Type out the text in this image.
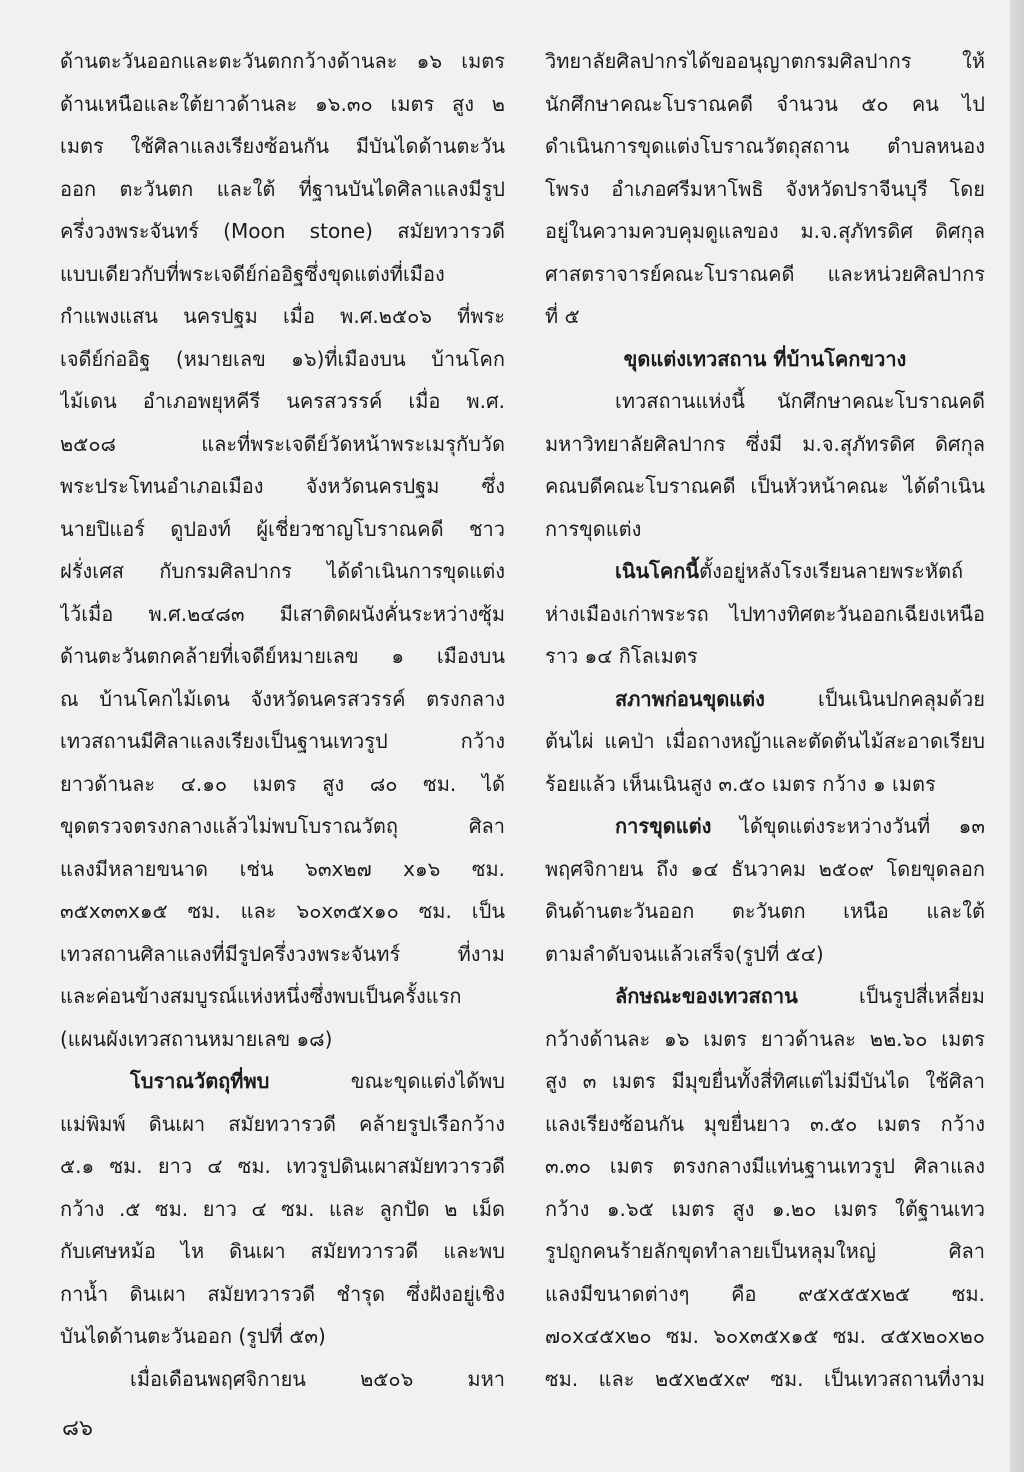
ด้านตะวันออกและตะวันตกกว้างด้านละ ๑๖ เมตร
ด้านเหนือและใต้ยาวด้านละ ๑๖.๓๐ เมตร สูง ๒
เมตร ใช้ศิลาแลงเรียงซ้อนกัน มีบันไดด้านตะวัน
ออก ตะวันตก และใต้ ที่ฐานบันไดศิลาแลงมีรูป
ครึ่งวงพระจันทร์ (Moon stone) สมัยทวารวดี
แบบเดียวกับที่พระเจดีย์ก่ออิฐซึ่งขุดแต่งที่เมือง
กำแพงแสน นครปฐม เมื่อ พ.ศ.๒๕๐๖ ที่พระ
เจดีย์ก่ออิฐ (หมายเลข ๑๖)ที่เมืองบน บ้านโคก
ไม้เดน อำเภอพยุหคีรี นครสวรรค์ เมื่อ พ.ศ.
๒๕๐๘ และที่พระเจดีย์วัดหน้าพระเมรุกับวัด
พระประโทนอำเภอเมือง จังหวัดนครปฐม ซึ่ง
นายปิแอร์ ดูปองท์ ผู้เชี่ยวชาญโบราณคดี ชาว
ฝรั่งเศส กับกรมศิลปากร ได้ดำเนินการขุดแต่ง
ไว้เมื่อ พ.ศ.๒๔๘๓ มีเสาติดผนังคั่นระหว่างซุ้ม
ด้านตะวันตกคล้ายที่เจดีย์หมายเลข ๑ เมืองบน
ณ บ้านโคกไม้เดน จังหวัดนครสวรรค์ ตรงกลาง
เทวสถานมีศิลาแลงเรียงเป็นฐานเทวรูป กว้าง
ยาวด้านละ ๔.๑๐ เมตร สูง ๘๐ ซม. ได้
ขุดตรวจตรงกลางแล้วไม่พบโบราณวัตถุ ศิลา
แลงมีหลายขนาด เช่น ๖๓x๒๗ x๑๖ ซม.
๓๕x๓๓x๑๕ ซม. และ ๖๐x๓๕x๑๐ ซม. เป็น
เทวสถานศิลาแลงที่มีรูปครึ่งวงพระจันทร์ ที่งาม
และค่อนข้างสมบูรณ์แห่งหนึ่งซึ่งพบเป็นครั้งแรก
(แผนผังเทวสถานหมายเลข ๑๘)
โบราณวัตถุที่พบ	ขณะขุดแต่งได้พบ
แม่พิมพ์ ดินเผา สมัยทวารวดี คล้ายรูปเรือกว้าง
๕.๑ ซม. ยาว ๔ ซม. เทวรูปดินเผาสมัยทวารวดี
กว้าง .๕ ซม. ยาว ๔ ซม. และ ลูกปัด ๒ เม็ด
กับเศษหม้อ ไห ดินเผา สมัยทวารวดี และพบ
กาน้ำ ดินเผา สมัยทวารวดี ชำรุด ซึ่งฝังอยู่เชิง
บันไดด้านตะวันออก (รูปที่ ๕๓)
เมื่อเดือนพฤศจิกายน ๒๕๐๖ มหา
วิทยาลัยศิลปากรได้ขออนุญาตกรมศิลปากร ให้
นักศึกษาคณะโบราณคดี จำนวน ๕๐ คน ไป
ดำเนินการขุดแต่งโบราณวัตถุสถาน ตำบลหนอง
โพรง อำเภอศรีมหาโพธิ จังหวัดปราจีนบุรี โดย
อยู่ในความควบคุมดูแลของ ม.จ.สุภัทรดิศ ดิศกุล
ศาสตราจารย์คณะโบราณคดี และหน่วยศิลปากร
ที่ ๕
ขุดแต่งเทวสถาน ที่บ้านโคกขวาง
เทวสถานแห่งนี้ นักศึกษาคณะโบราณคดี
มหาวิทยาลัยศิลปากร ซึ่งมี ม.จ.สุภัทรดิศ ดิศกุล
คณบดีคณะโบราณคดี เป็นหัวหน้าคณะ ได้ดำเนิน
การขุดแต่ง
เนินโคกนี้ตั้งอยู่หลังโรงเรียนลายพระหัตถ์
ห่างเมืองเก่าพระรถ ไปทางทิศตะวันออกเฉียงเหนือ
ราว ๑๔ กิโลเมตร
สภาพก่อนขุดแต่ง	เป็นเนินปกคลุมด้วย
ต้นไผ่ แคป่า เมื่อถางหญ้าและตัดต้นไม้สะอาดเรียบ
ร้อยแล้ว เห็นเนินสูง ๓.๕๐ เมตร กว้าง ๑ เมตร
การขุดแต่ง ได้ขุดแต่งระหว่างวันที่ ๑๓
พฤศจิกายน ถึง ๑๔ ธันวาคม ๒๕๐๙ โดยขุดลอก
ดินด้านตะวันออก ตะวันตก เหนือ และใต้
ตามลำดับจนแล้วเสร็จ(รูปที่ ๕๔)
ลักษณะของเทวสถาน	เป็นรูปสี่เหลี่ยม
กว้างด้านละ ๑๖ เมตร ยาวด้านละ ๒๒.๖๐ เมตร
สูง ๓ เมตร มีมุขยื่นทั้งสี่ทิศแต่ไม่มีบันได ใช้ศิลา
แลงเรียงซ้อนกัน มุขยื่นยาว ๓.๕๐ เมตร กว้าง
๓.๓๐ เมตร ตรงกลางมีแท่นฐานเทวรูป ศิลาแลง
กว้าง ๑.๖๕ เมตร สูง ๑.๒๐ เมตร ใต้ฐานเทว
รูปถูกคนร้ายลักขุดทำลายเป็นหลุมใหญ่ ศิลา
แลงมีขนาดต่างๆ คือ ๙๕x๕๕x๒๕ ซม.
๗๐x๔๕x๒๐ ซม. ๖๐x๓๕x๑๕ ซม. ๔๕x๒๐x๒๐
ซม. และ ๒๕x๒๕x๙ ซม. เป็นเทวสถานที่งาม
๘๖
